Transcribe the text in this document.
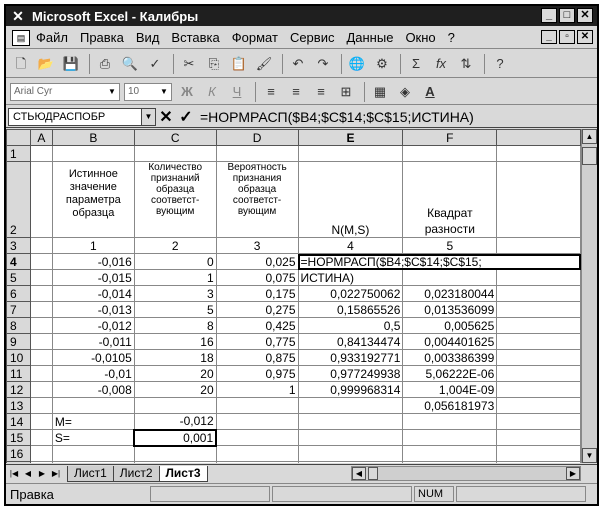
✕ Microsoft Excel - Калибры	_	□ ✕
▤ Файл Правка Вид Вставка Формат Сервис Данные Окно ?	_	▫	✕
🗋 📂 💾	⎙ 🔍 ✓	✂	⎘ 📋 🖌	↶	↷	🌐 ⚙	Σ	fx	⇅	?
Arial Cyr	▼	10	▼	Ж	К	Ч	≡	≡	≡	⊞	▦	◈	A
СТЬЮДРАСПОБР	▼ ✕ ✓ =НОРМРАСП($B4;$C$14;$C$15;ИСТИНА)
	A	B	C	D	E	F	
1							
2		Истинное значение параметра образца	Количество признаний образца соответст-вующим	Вероятность признания образца соответст-вующим	N(M,S)	Квадрат разности	
3		1	2	3	4	5	
4		-0,016	0	0,025	=НОРМРАСП($B4;$C$14;$C$15;		
5		-0,015	1	0,075	ИСТИНА)		
6		-0,014	3	0,175	0,022750062	0,023180044	
7		-0,013	5	0,275	0,15865526	0,013536099	
8		-0,012	8	0,425	0,5	0,005625	
9		-0,011	16	0,775	0,84134474	0,004401625	
10		-0,0105	18	0,875	0,933192771	0,003386399	
11		-0,01	20	0,975	0,977249938	5,06222E-06	
12		-0,008	20	1	0,999968314	1,004E-09	
13						0,056181973	
14		M=	-0,012				
15		S=	0,001				
16							

▲
▼
|◀ ◀ ▶ ▶|	Лист1	Лист2	Лист3	◀	▶
Правка	NUM
